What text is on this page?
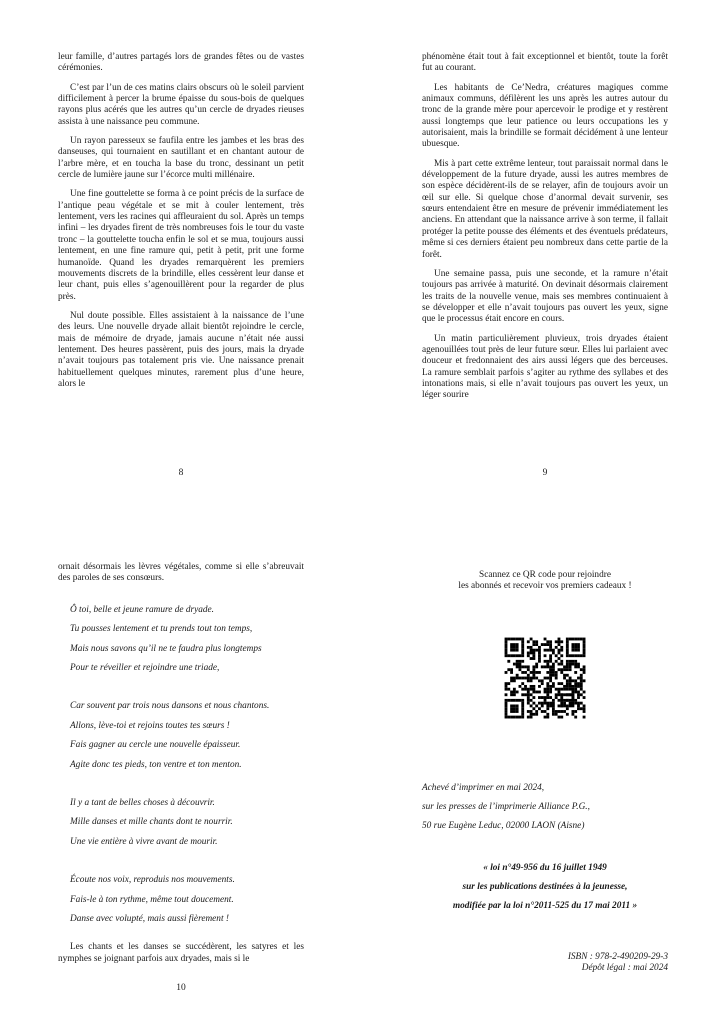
leur famille, d’autres partagés lors de grandes fêtes ou de vastes cérémonies.

C’est par l’un de ces matins clairs obscurs où le soleil parvient difficilement à percer la brume épaisse du sous-bois de quelques rayons plus acérés que les autres qu’un cercle de dryades rieuses assista à une naissance peu commune.

Un rayon paresseux se faufila entre les jambes et les bras des danseuses, qui tournaient en sautillant et en chantant autour de l’arbre mère, et en toucha la base du tronc, dessinant un petit cercle de lumière jaune sur l’écorce multi millénaire.

Une fine gouttelette se forma à ce point précis de la surface de l’antique peau végétale et se mit à couler lentement, très lentement, vers les racines qui affleuraient du sol. Après un temps infini – les dryades firent de très nombreuses fois le tour du vaste tronc – la gouttelette toucha enfin le sol et se mua, toujours aussi lentement, en une fine ramure qui, petit à petit, prit une forme humanoïde. Quand les dryades remarquèrent les premiers mouvements discrets de la brindille, elles cessèrent leur danse et leur chant, puis elles s’agenouillèrent pour la regarder de plus près.

Nul doute possible. Elles assistaient à la naissance de l’une des leurs. Une nouvelle dryade allait bientôt rejoindre le cercle, mais de mémoire de dryade, jamais aucune n’était née aussi lentement. Des heures passèrent, puis des jours, mais la dryade n’avait toujours pas totalement pris vie. Une naissance prenait habituellement quelques minutes, rarement plus d’une heure, alors le

8

phénomène était tout à fait exceptionnel et bientôt, toute la forêt fut au courant.

Les habitants de Ce’Nedra, créatures magiques comme animaux communs, défilèrent les uns après les autres autour du tronc de la grande mère pour apercevoir le prodige et y restèrent aussi longtemps que leur patience ou leurs occupations les y autorisaient, mais la brindille se formait décidément à une lenteur ubuesque.

Mis à part cette extrême lenteur, tout paraissait normal dans le développement de la future dryade, aussi les autres membres de son espèce décidèrent-ils de se relayer, afin de toujours avoir un œil sur elle. Si quelque chose d’anormal devait survenir, ses sœurs entendaient être en mesure de prévenir immédiatement les anciens. En attendant que la naissance arrive à son terme, il fallait protéger la petite pousse des éléments et des éventuels prédateurs, même si ces derniers étaient peu nombreux dans cette partie de la forêt.

Une semaine passa, puis une seconde, et la ramure n’était toujours pas arrivée à maturité. On devinait désormais clairement les traits de la nouvelle venue, mais ses membres continuaient à se développer et elle n’avait toujours pas ouvert les yeux, signe que le processus était encore en cours.

Un matin particulièrement pluvieux, trois dryades étaient agenouillées tout près de leur future sœur. Elles lui parlaient avec douceur et fredonnaient des airs aussi légers que des berceuses. La ramure semblait parfois s’agiter au rythme des syllabes et des intonations mais, si elle n’avait toujours pas ouvert les yeux, un léger sourire

9

ornait désormais les lèvres végétales, comme si elle s’abreuvait des paroles de ses consœurs.

Ô toi, belle et jeune ramure de dryade.
Tu pousses lentement et tu prends tout ton temps,
Mais nous savons qu’il ne te faudra plus longtemps
Pour te réveiller et rejoindre une triade,
Car souvent par trois nous dansons et nous chantons.
Allons, lève-toi et rejoins toutes tes sœurs !
Fais gagner au cercle une nouvelle épaisseur.
Agite donc tes pieds, ton ventre et ton menton.
Il y a tant de belles choses à découvrir.
Mille danses et mille chants dont te nourrir.
Une vie entière à vivre avant de mourir.
Écoute nos voix, reproduis nos mouvements.
Fais-le à ton rythme, même tout doucement.
Danse avec volupté, mais aussi fièrement !

Les chants et les danses se succédèrent, les satyres et les nymphes se joignant parfois aux dryades, mais si le

10
Scannez ce QR code pour rejoindre
les abonnés et recevoir vos premiers cadeaux !
Achevé d’imprimer en mai 2024,
sur les presses de l’imprimerie Alliance P.G.,
50 rue Eugène Leduc, 02000 LAON (Aisne)
« loi n°49-956 du 16 juillet 1949
sur les publications destinées à la jeunesse,
modifiée par la loi n°2011-525 du 17 mai 2011 »
ISBN : 978-2-490209-29-3
Dépôt légal : mai 2024
